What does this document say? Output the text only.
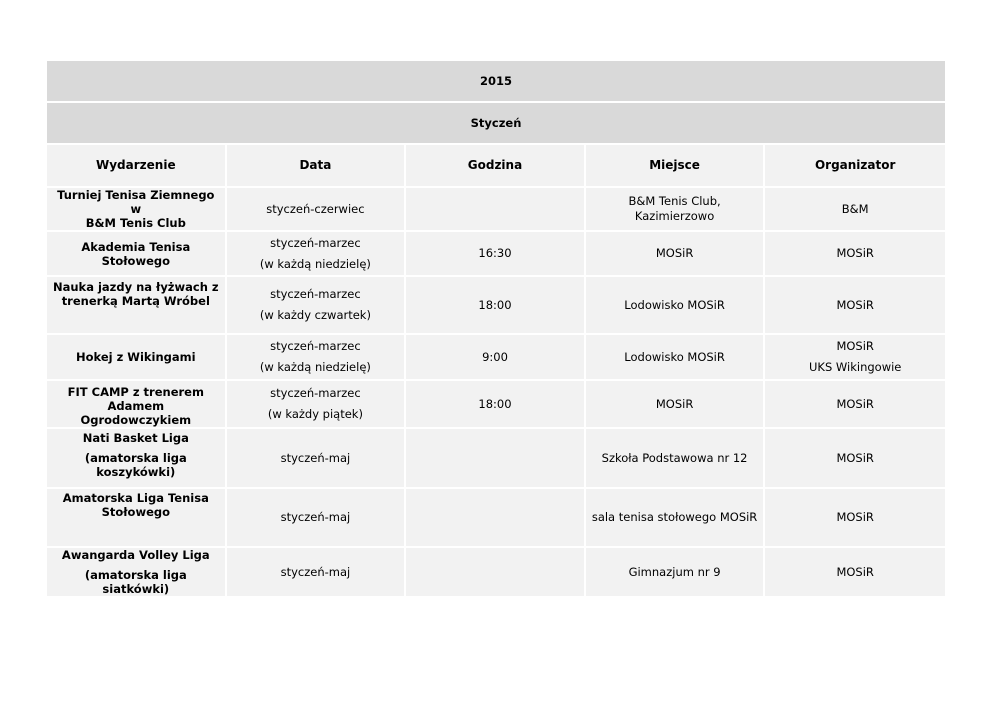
2015				
Styczeń				
Wydarzenie	Data	Godzina	Miejsce	Organizator

Turniej Tenisa Ziemnego w
B&M Tenis Club	styczeń-czerwiec		B&M Tenis Club, Kazimierzowo	B&M

Akademia Tenisa Stołowego	styczeń-marzec
(w każdą niedzielę)	16:30	MOSiR	MOSiR

Nauka jazdy na łyżwach z
trenerką Martą Wróbel	styczeń-marzec
(w każdy czwartek)	18:00	Lodowisko MOSiR	MOSiR

Hokej z Wikingami	styczeń-marzec
(w każdą niedzielę)	9:00	Lodowisko MOSiR	MOSiR
UKS Wikingowie

FIT CAMP z trenerem
Adamem Ogrodowczykiem	styczeń-marzec
(w każdy piątek)	18:00	MOSiR	MOSiR

Nati Basket Liga
(amatorska liga
koszykówki)	styczeń-maj		Szkoła Podstawowa nr 12	MOSiR

Amatorska Liga Tenisa
Stołowego	styczeń-maj		sala tenisa stołowego MOSiR	MOSiR

Awangarda Volley Liga
(amatorska liga siatkówki)	styczeń-maj		Gimnazjum nr 9	MOSiR
